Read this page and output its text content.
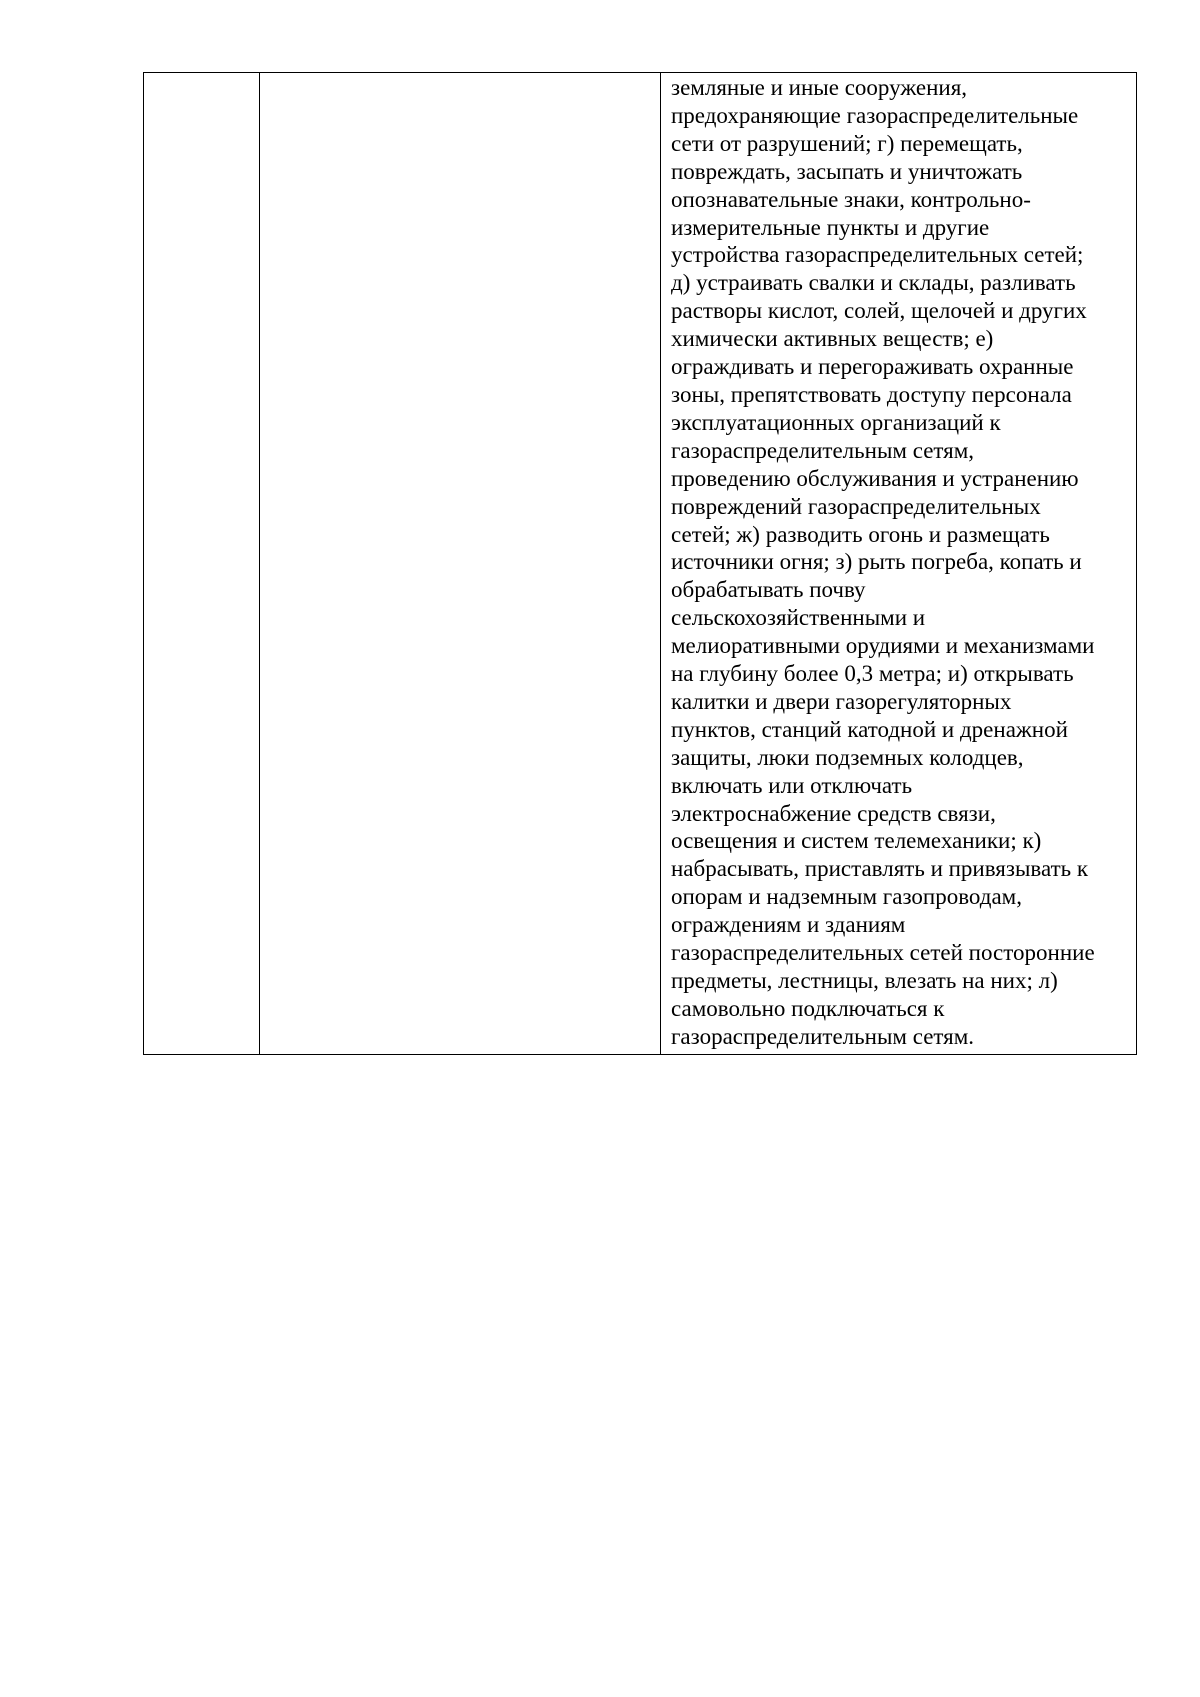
земляные и иные сооружения,
предохраняющие газораспределительные
сети от разрушений; г) перемещать,
повреждать, засыпать и уничтожать
опознавательные знаки, контрольно-
измерительные пункты и другие
устройства газораспределительных сетей;
д) устраивать свалки и склады, разливать
растворы кислот, солей, щелочей и других
химически активных веществ; е)
ограждивать и перегораживать охранные
зоны, препятствовать доступу персонала
эксплуатационных организаций к
газораспределительным сетям,
проведению обслуживания и устранению
повреждений газораспределительных
сетей; ж) разводить огонь и размещать
источники огня; з) рыть погреба, копать и
обрабатывать почву
сельскохозяйственными и
мелиоративными орудиями и механизмами
на глубину более 0,3 метра; и) открывать
калитки и двери газорегуляторных
пунктов, станций катодной и дренажной
защиты, люки подземных колодцев,
включать или отключать
электроснабжение средств связи,
освещения и систем телемеханики; к)
набрасывать, приставлять и привязывать к
опорам и надземным газопроводам,
ограждениям и зданиям
газораспределительных сетей посторонние
предметы, лестницы, влезать на них; л)
самовольно подключаться к
газораспределительным сетям.
